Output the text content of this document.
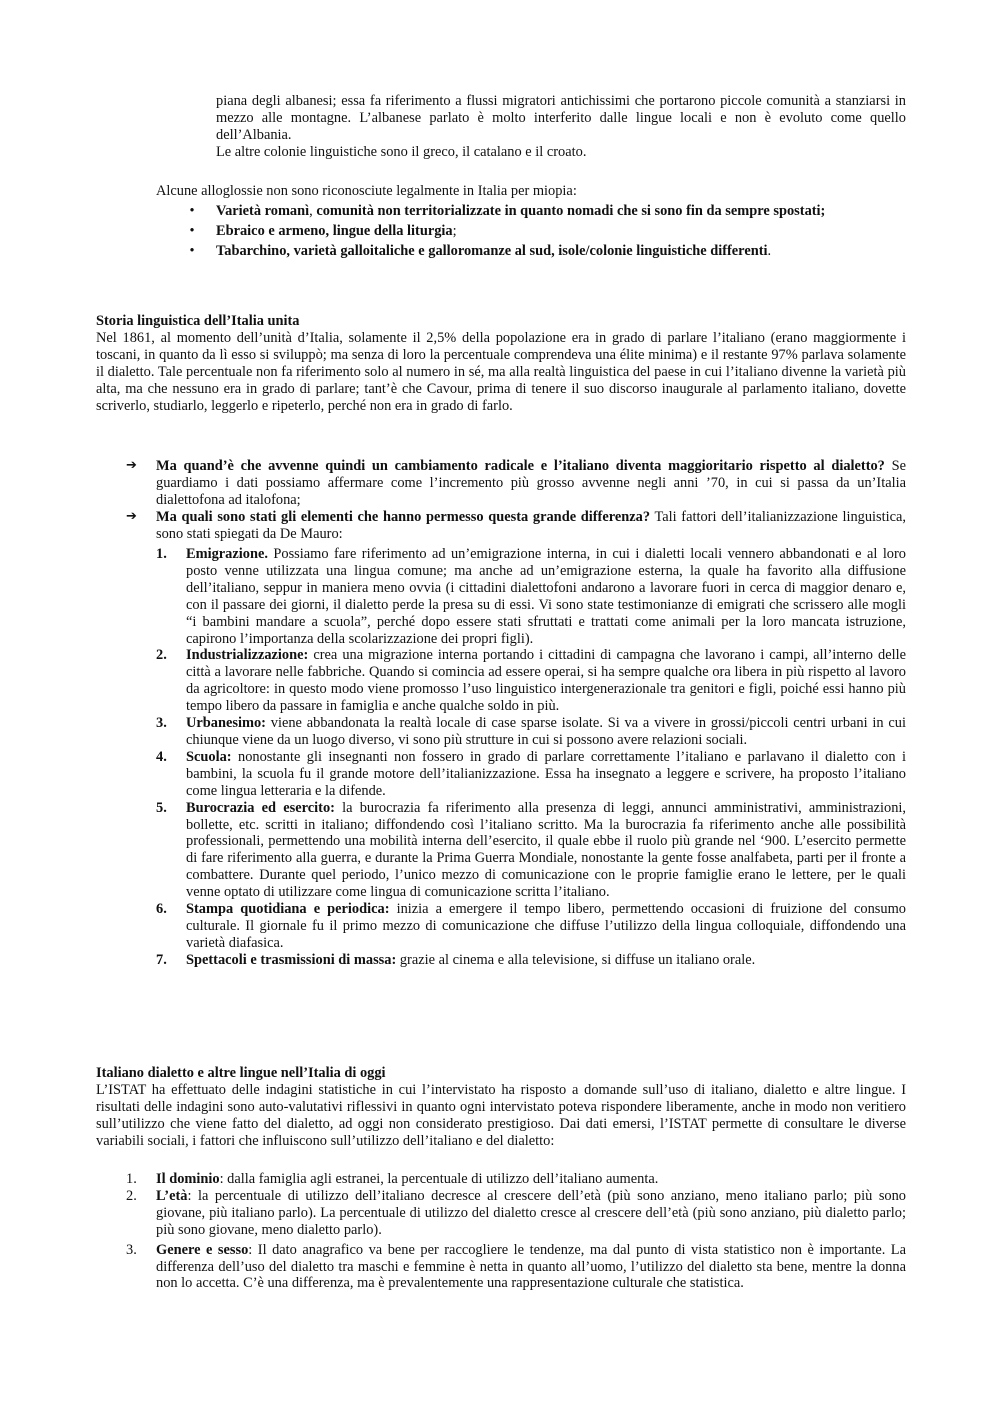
piana degli albanesi; essa fa riferimento a flussi migratori antichissimi che portarono piccole comunità a stanziarsi in mezzo alle montagne. L’albanese parlato è molto interferito dalle lingue locali e non è evoluto come quello dell’Albania.

Le altre colonie linguistiche sono il greco, il catalano e il croato.

Alcune alloglossie non sono riconosciute legalmente in Italia per miopia:

• Varietà romanì, comunità non territorializzate in quanto nomadi che si sono fin da sempre spostati;
• Ebraico e armeno, lingue della liturgia;
• Tabarchino, varietà galloitaliche e galloromanze al sud, isole/colonie linguistiche differenti.

Storia linguistica dell’Italia unita

Nel 1861, al momento dell’unità d’Italia, solamente il 2,5% della popolazione era in grado di parlare l’italiano (erano maggiormente i toscani, in quanto da lì esso si sviluppò; ma senza di loro la percentuale comprendeva una élite minima) e il restante 97% parlava solamente il dialetto. Tale percentuale non fa riferimento solo al numero in sé, ma alla realtà linguistica del paese in cui l’italiano divenne la varietà più alta, ma che nessuno era in grado di parlare; tant’è che Cavour, prima di tenere il suo discorso inaugurale al parlamento italiano, dovette scriverlo, studiarlo, leggerlo e ripeterlo, perché non era in grado di farlo.

➔	Ma quand’è che avvenne quindi un cambiamento radicale e l’italiano diventa maggioritario rispetto al dialetto? Se guardiamo i dati possiamo affermare come l’incremento più grosso avvenne negli anni ’70, in cui si passa da un’Italia dialettofona ad italofona;
➔	Ma quali sono stati gli elementi che hanno permesso questa grande differenza? Tali fattori dell’italianizzazione linguistica, sono stati spiegati da De Mauro:
1.	Emigrazione. Possiamo fare riferimento ad un’emigrazione interna, in cui i dialetti locali vennero abbandonati e al loro posto venne utilizzata una lingua comune; ma anche ad un’emigrazione esterna, la quale ha favorito alla diffusione dell’italiano, seppur in maniera meno ovvia (i cittadini dialettofoni andarono a lavorare fuori in cerca di maggior denaro e, con il passare dei giorni, il dialetto perde la presa su di essi. Vi sono state testimonianze di emigrati che scrissero alle mogli “i bambini mandare a scuola”, perché dopo essere stati sfruttati e trattati come animali per la loro mancata istruzione, capirono l’importanza della scolarizzazione dei propri figli).
2.	Industrializzazione: crea una migrazione interna portando i cittadini di campagna che lavorano i campi, all’interno delle città a lavorare nelle fabbriche. Quando si comincia ad essere operai, si ha sempre qualche ora libera in più rispetto al lavoro da agricoltore: in questo modo viene promosso l’uso linguistico intergenerazionale tra genitori e figli, poiché essi hanno più tempo libero da passare in famiglia e anche qualche soldo in più.
3.	Urbanesimo: viene abbandonata la realtà locale di case sparse isolate. Si va a vivere in grossi/piccoli centri urbani in cui chiunque viene da un luogo diverso, vi sono più strutture in cui si possono avere relazioni sociali.
4.	Scuola: nonostante gli insegnanti non fossero in grado di parlare correttamente l’italiano e parlavano il dialetto con i bambini, la scuola fu il grande motore dell’italianizzazione. Essa ha insegnato a leggere e scrivere, ha proposto l’italiano come lingua letteraria e la difende.
5.	Burocrazia ed esercito: la burocrazia fa riferimento alla presenza di leggi, annunci amministrativi, amministrazioni, bollette, etc. scritti in italiano; diffondendo così l’italiano scritto. Ma la burocrazia fa riferimento anche alle possibilità professionali, permettendo una mobilità interna dell’esercito, il quale ebbe il ruolo più grande nel ‘900. L’esercito permette di fare riferimento alla guerra, e durante la Prima Guerra Mondiale, nonostante la gente fosse analfabeta, parti per il fronte a combattere. Durante quel periodo, l’unico mezzo di comunicazione con le proprie famiglie erano le lettere, per le quali venne optato di utilizzare come lingua di comunicazione scritta l’italiano.
6.	Stampa quotidiana e periodica: inizia a emergere il tempo libero, permettendo occasioni di fruizione del consumo culturale. Il giornale fu il primo mezzo di comunicazione che diffuse l’utilizzo della lingua colloquiale, diffondendo una varietà diafasica.
7.	Spettacoli e trasmissioni di massa: grazie al cinema e alla televisione, si diffuse un italiano orale.

Italiano dialetto e altre lingue nell’Italia di oggi

L’ISTAT ha effettuato delle indagini statistiche in cui l’intervistato ha risposto a domande sull’uso di italiano, dialetto e altre lingue. I risultati delle indagini sono auto-valutativi riflessivi in quanto ogni intervistato poteva rispondere liberamente, anche in modo non veritiero sull’utilizzo che viene fatto del dialetto, ad oggi non considerato prestigioso. Dai dati emersi, l’ISTAT permette di consultare le diverse variabili sociali, i fattori che influiscono sull’utilizzo dell’italiano e del dialetto:

1.	Il dominio: dalla famiglia agli estranei, la percentuale di utilizzo dell’italiano aumenta.
2.	L’età: la percentuale di utilizzo dell’italiano decresce al crescere dell’età (più sono anziano, meno italiano parlo; più sono giovane, più italiano parlo). La percentuale di utilizzo del dialetto cresce al crescere dell’età (più sono anziano, più dialetto parlo; più sono giovane, meno dialetto parlo).
3.	Genere e sesso: Il dato anagrafico va bene per raccogliere le tendenze, ma dal punto di vista statistico non è importante. La differenza dell’uso del dialetto tra maschi e femmine è netta in quanto all’uomo, l’utilizzo del dialetto sta bene, mentre la donna non lo accetta. C’è una differenza, ma è prevalentemente una rappresentazione culturale che statistica.
